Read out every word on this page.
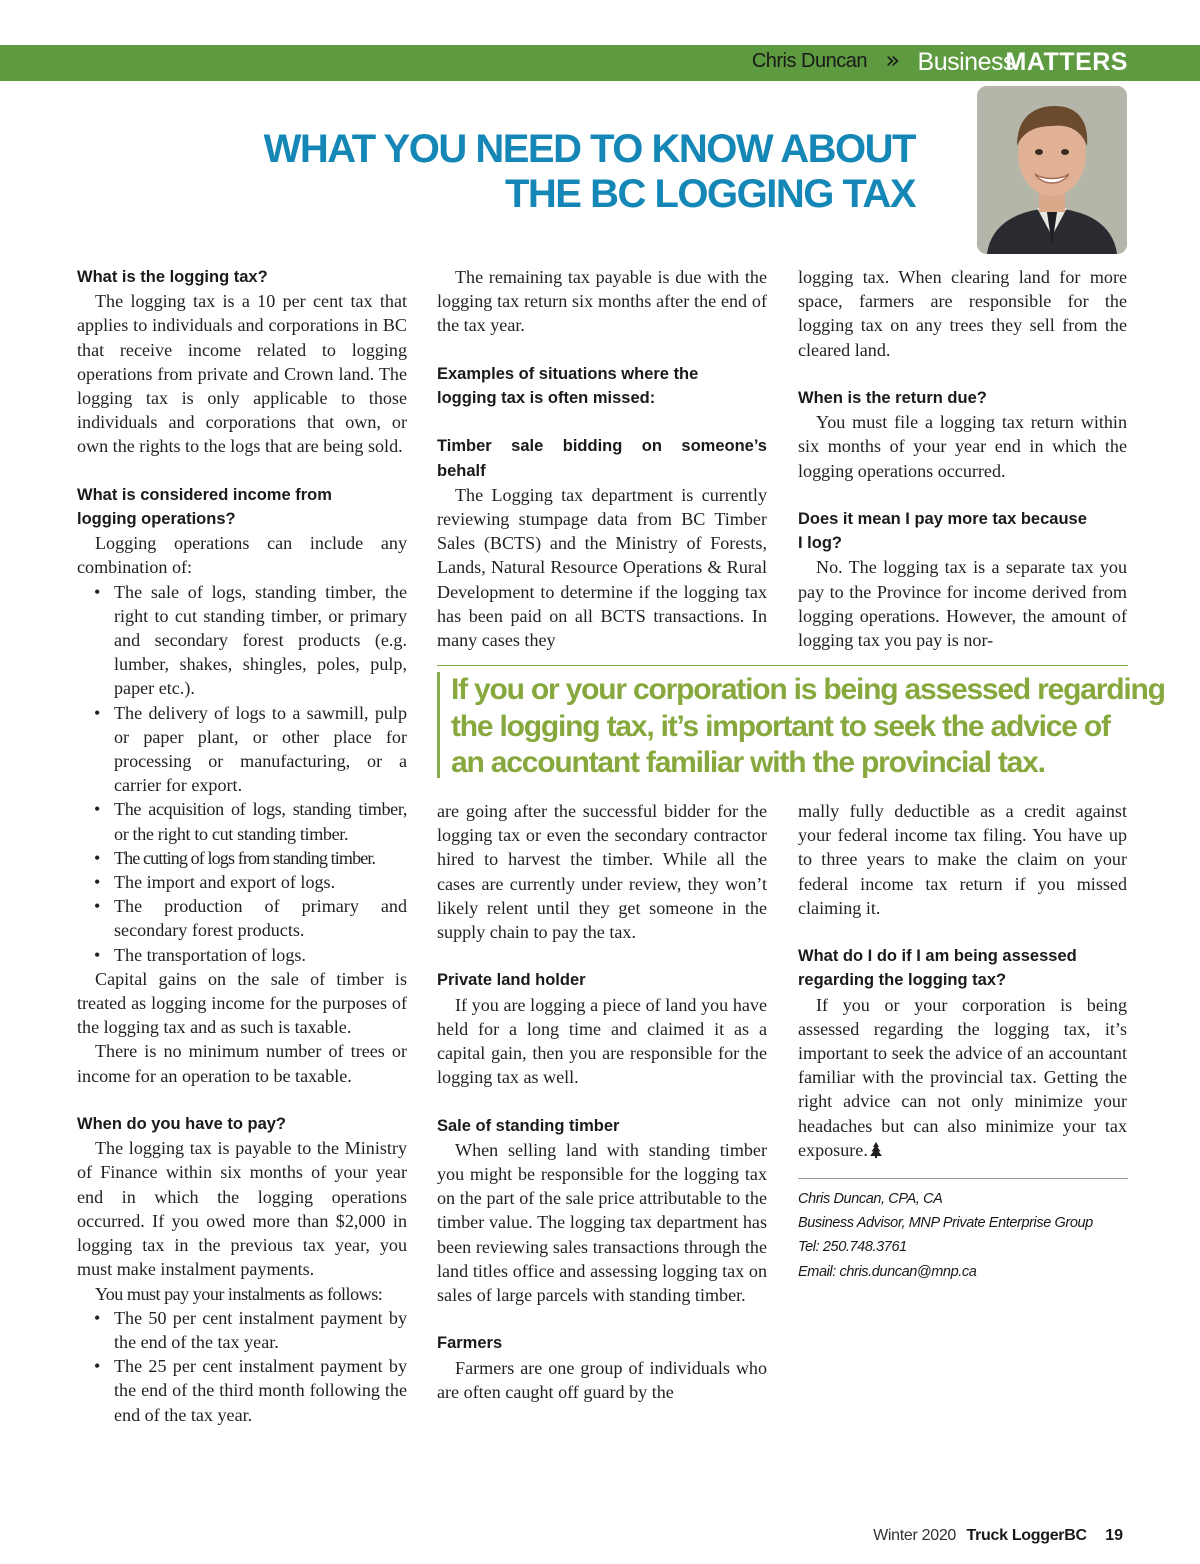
Chris Duncan » Business
MATTERS
WHAT YOU NEED TO KNOW ABOUT
THE BC LOGGING TAX
What is the logging tax?

The logging tax is a 10 per cent tax that applies to individuals and corporations in BC that receive income related to logging operations from private and Crown land. The logging tax is only applicable to those individuals and corporations that own, or own the rights to the logs that are being sold.

What is considered income from
logging operations?

Logging operations can include any combination of:

• The sale of logs, standing timber, the right to cut standing timber, or primary and secondary forest products (e.g. lumber, shakes, shingles, poles, pulp, paper etc.).
• The delivery of logs to a sawmill, pulp or paper plant, or other place for processing or manufacturing, or a carrier for export.
• The acquisition of logs, standing timber, or the right to cut standing timber.
• The cutting of logs from standing timber.
• The import and export of logs.
• The production of primary and secondary forest products.
• The transportation of logs.

Capital gains on the sale of timber is treated as logging income for the purposes of the logging tax and as such is taxable.

There is no minimum number of trees or income for an operation to be taxable.

When do you have to pay?

The logging tax is payable to the Ministry of Finance within six months of your year end in which the logging operations occurred. If you owed more than $2,000 in logging tax in the previous tax year, you must make instalment payments.

You must pay your instalments as follows:

• The 50 per cent instalment payment by the end of the tax year.
• The 25 per cent instalment payment by the end of the third month following the end of the tax year.

The remaining tax payable is due with the logging tax return six months after the end of the tax year.

Examples of situations where the
logging tax is often missed:
Timber sale bidding on someone’s
behalf

The Logging tax department is currently reviewing stumpage data from BC Timber Sales (BCTS) and the Ministry of Forests, Lands, Natural Resource Operations & Rural Development to determine if the logging tax has been paid on all BCTS transactions. In many cases they

logging tax. When clearing land for more space, farmers are responsible for the logging tax on any trees they sell from the cleared land.

When is the return due?

You must file a logging tax return within six months of your year end in which the logging operations occurred.

Does it mean I pay more tax because
I log?

No. The logging tax is a separate tax you pay to the Province for income derived from logging operations. However, the amount of logging tax you pay is nor-

If you or your corporation is being assessed regarding
the logging tax, it’s important to seek the advice of
an accountant familiar with the provincial tax.

are going after the successful bidder for the logging tax or even the secondary contractor hired to harvest the timber. While all the cases are currently under review, they won’t likely relent until they get someone in the supply chain to pay the tax.

Private land holder

If you are logging a piece of land you have held for a long time and claimed it as a capital gain, then you are responsible for the logging tax as well.

Sale of standing timber

When selling land with standing timber you might be responsible for the logging tax on the part of the sale price attributable to the timber value. The logging tax department has been reviewing sales transactions through the land titles office and assessing logging tax on sales of large parcels with standing timber.

Farmers

Farmers are one group of individuals who are often caught off guard by the

mally fully deductible as a credit against your federal income tax filing. You have up to three years to make the claim on your federal income tax return if you missed claiming it.

What do I do if I am being assessed
regarding the logging tax?

If you or your corporation is being assessed regarding the logging tax, it’s important to seek the advice of an accountant familiar with the provincial tax. Getting the right advice can not only minimize your headaches but can also minimize your tax exposure.

Chris Duncan, CPA, CA
Business Advisor, MNP Private Enterprise Group
Tel: 250.748.3761
Email: chris.duncan@mnp.ca
Winter 2020 Truck LoggerBC 19
